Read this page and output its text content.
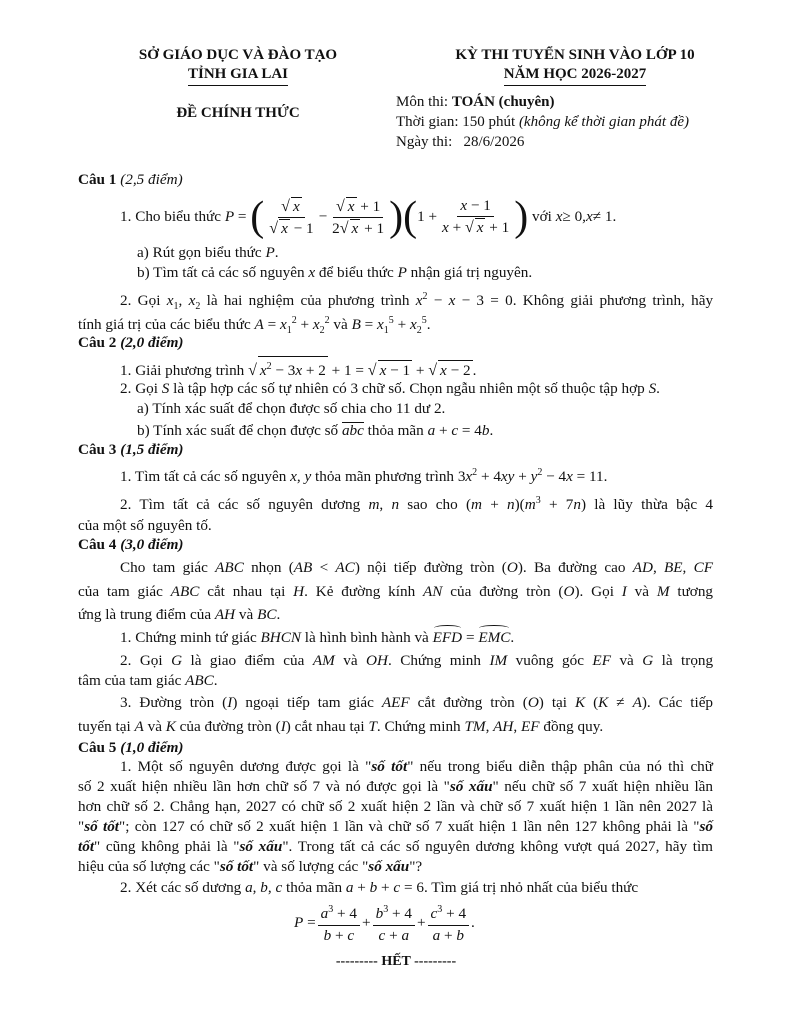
SỞ GIÁO DỤC VÀ ĐÀO TẠO
TỈNH GIA LAI
ĐỀ CHÍNH THỨC
KỲ THI TUYỂN SINH VÀO LỚP 10
NĂM HỌC 2026-2027
Môn thi: TOÁN (chuyên)
Thời gian: 150 phút (không kể thời gian phát đề)
Ngày thi: 28/6/2026
Câu 1 (2,5 điểm)
1. Cho biểu thức
P = ( $\frac{√ x}{√ x - 1} - \frac{√ x + 1}{2√ x + 1}$ ) ( $1 + \frac{x - 1}{x + √ x + 1}$ )
với
x ≥ 0, x ≠ 1.
a) Rút gọn biểu thức P.
b) Tìm tất cả các số nguyên x để biểu thức P nhận giá trị nguyên.
2. Gọi $x_1$, $x_2$ là hai nghiệm của phương trình $x^2 - x - 3 = 0$. Không giải phương trình, hãy
tính giá trị của các biểu thức $A = x_1^2 + x_2^2$ và $B = x_1^5 + x_2^5$.
Câu 2 (2,0 điểm)
1. Giải phương trình √ $x^2 - 3x + 2 + 1$ = √ x − 1 + √ x − 2 .
2. Gọi S là tập hợp các số tự nhiên có 3 chữ số. Chọn ngẫu nhiên một số thuộc tập hợp S.
a) Tính xác suất để chọn được số chia cho 11 dư 2.
b) Tính xác suất để chọn được số abc thỏa mãn a + c = 4b.
Câu 3 (1,5 điểm)
1. Tìm tất cả các số nguyên x, y thỏa mãn phương trình $3x^2 + 4xy + y^2 - 4x = 11$.
2. Tìm tất cả các số nguyên dương m, n sao cho $(m + n)(m^3 + 7n)$ là lũy thừa bậc 4
của một số nguyên tố.
Câu 4 (3,0 điểm)
Cho tam giác ABC nhọn (AB < AC) nội tiếp đường tròn (O). Ba đường cao AD, BE, CF
của tam giác ABC cắt nhau tại H. Kẻ đường kính AN của đường tròn (O). Gọi I và M tương
ứng là trung điểm của AH và BC.
1. Chứng minh tứ giác BHCN là hình bình hành và EFD = EMC.
2. Gọi G là giao điểm của AM và OH. Chứng minh IM vuông góc EF và G là trọng
tâm của tam giác ABC.
3. Đường tròn (I) ngoại tiếp tam giác AEF cắt đường tròn (O) tại K (K ≠ A). Các tiếp
tuyến tại A và K của đường tròn (I) cắt nhau tại T. Chứng minh TM, AH, EF đồng quy.
Câu 5 (1,0 điểm)
1. Một số nguyên dương được gọi là "số tốt" nếu trong biểu diễn thập phân của nó thì chữ
số 2 xuất hiện nhiều lần hơn chữ số 7 và nó được gọi là "số xấu" nếu chữ số 7 xuất hiện nhiều lần
hơn chữ số 2. Chẳng hạn, 2027 có chữ số 2 xuất hiện 2 lần và chữ số 7 xuất hiện 1 lần nên 2027 là
"số tốt"; còn 127 có chữ số 2 xuất hiện 1 lần và chữ số 7 xuất hiện 1 lần nên 127 không phải là "số
tốt" cũng không phải là "số xấu". Trong tất cả các số nguyên dương không vượt quá 2027, hãy tìm
hiệu của số lượng các "số tốt" và số lượng các "số xấu"?
2. Xét các số dương a, b, c thỏa mãn a + b + c = 6. Tìm giá trị nhỏ nhất của biểu thức
$P = \frac{a^3 + 4}{b + c} + \frac{b^3 + 4}{c + a} + \frac{c^3 + 4}{a + b}$ .
--------- HẾT ---------
